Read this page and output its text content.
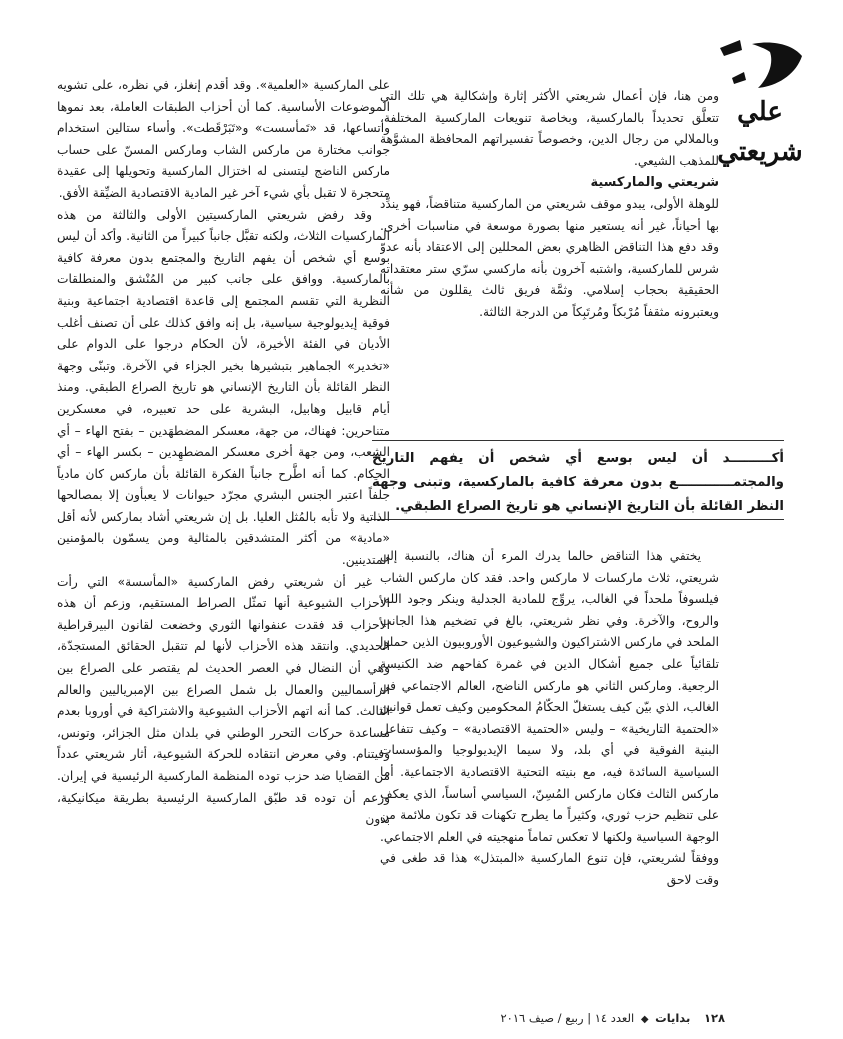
علي شريعتي

ومن هنا، فإن أعمال شريعتي الأكثر إثارة وإشكالية هي تلك التي تتعلَّق تحديداً بالماركسية، وبخاصة تنويعات الماركسية المختلفة، وبالملالي من رجال الدين، وخصوصاً تفسيراتهم المحافظة المشوَّهة للمذهب الشيعي.

شريعتي والماركسية

للوهلة الأولى، يبدو موقف شريعتي من الماركسية متناقضاً، فهو يندِّد بها أحياناً، غير أنه يستعير منها بصورة موسعة في مناسبات أخرى. وقد دفع هذا التناقض الظاهري بعض المحللين إلى الاعتقاد بأنه عدوّ شرس للماركسية، واشتبه آخرون بأنه ماركسي سرّي ستر معتقداته الحقيقية بحجاب إسلامي. وثمَّة فريق ثالث يقللون من شأنه ويعتبرونه مثقفاً مُرْبكاً ومُرتَبِكاً من الدرجة الثالثة.

أكـــــــــد أن ليس بوسع أي شخص أن يفهم التاريخ والمجتمــــــــــــع بدون معرفة كافية بالماركسية، وتبنى وجهة النظر القائلة بأن التاريخ الإنساني هو تاريخ الصراع الطبقي.

يختفي هذا التناقض حالما يدرك المرء أن هناك، بالنسبة إلى شريعتي، ثلاث ماركسات لا ماركس واحد. فقد كان ماركس الشاب فيلسوفاً ملحداً في الغالب، يروِّج للمادية الجدلية وينكر وجود الله، والروح، والآخرة. وفي نظر شريعتي، بالغ في تضخيم هذا الجانب الملحد في ماركس الاشتراكيون والشيوعيون الأوروبيون الذين حملوا تلقائياً على جميع أشكال الدين في غمرة كفاحهم ضد الكنيسة الرجعية. وماركس الثاني هو ماركس الناضج، العالم الاجتماعي في الغالب، الذي بيّن كيف يستغلّ الحكّامُ المحكومين وكيف تعمل قوانين «الحتمية التاريخية» – وليس «الحتمية الاقتصادية» – وكيف تتفاعل البنية الفوقية في أي بلد، ولا سيما الإيديولوجيا والمؤسسات السياسية السائدة فيه، مع بنيته التحتية الاقتصادية الاجتماعية. أما ماركس الثالث فكان ماركس المُسِنّ، السياسي أساساً، الذي يعكف على تنظيم حزب ثوري، وكثيراً ما يطرح تكهنات قد تكون ملائمة من الوجهة السياسية ولكنها لا تعكس تماماً منهجيته في العلم الاجتماعي. ووفقاً لشريعتي، فإن تنوع الماركسية «المبتذل» هذا قد طغى في وقت لاحق

على الماركسية «العلمية». وقد أقدم إنغلز، في نظره، على تشويه الموضوعات الأساسية. كما أن أحزاب الطبقات العاملة، بعد نموها واتساعها، قد «تَمأسست» و«تَبَرْقَطت». وأساء ستالين استخدام جوانب مختارة من ماركس الشاب وماركس المسنّ على حساب ماركس الناضج ليتسنى له اختزال الماركسية وتحويلها إلى عقيدة متحجرة لا تقبل بأي شيء آخر غير المادية الاقتصادية الضيِّقة الأفق.

وقد رفض شريعتي الماركسيتين الأولى والثالثة من هذه الماركسيات الثلاث، ولكنه تقبَّل جانباً كبيراً من الثانية. وأكد أن ليس بوسع أي شخص أن يفهم التاريخ والمجتمع بدون معرفة كافية بالماركسية. ووافق على جانب كبير من المُنْشق والمنطلقات النظرية التي تقسم المجتمع إلى قاعدة اقتصادية اجتماعية وبنية فوقية إيديولوجية سياسية، بل إنه وافق كذلك على أن تصنف أغلب الأديان في الفئة الأخيرة، لأن الحكام درجوا على الدوام على «تخدير» الجماهير بتبشيرها بخير الجزاء في الآخرة. وتبنّى وجهة النظر القائلة بأن التاريخ الإنساني هو تاريخ الصراع الطبقي. ومنذ أيام قابيل وهابيل، البشرية على حد تعبيره، في معسكرين متناحرين: فهناك، من جهة، معسكر المضطهَدين – بفتح الهاء – أي الشعب، ومن جهة أخرى معسكر المضطهِدين – بكسر الهاء – أي الحكام. كما أنه اطَّرح جانباً الفكرة القائلة بأن ماركس كان مادياً جلفاً اعتبر الجنس البشري مجرّد حيوانات لا يعبأون إلا بمصالحها الذاتية ولا تأبه بالمُثل العليا. بل إن شريعتي أشاد بماركس لأنه أقل «مادية» من أكثر المتشدقين بالمثالية ومن يسمّون بالمؤمنين المتدينين.

غير أن شريعتي رفض الماركسية «المأسسة» التي رأت الأحزاب الشيوعية أنها تمثّل الصراط المستقيم، وزعم أن هذه الأحزاب قد فقدت عنفوانها الثوري وخضعت لقانون البيرقراطية الحديدي. وانتقد هذه الأحزاب لأنها لم تتقبل الحقائق المستجدّة، وهي أن النضال في العصر الحديث لم يقتصر على الصراع بين الرأسماليين والعمال بل شمل الصراع بين الإمبرياليين والعالم الثالث. كما أنه اتهم الأحزاب الشيوعية والاشتراكية في أوروبا بعدم مساعدة حركات التحرر الوطني في بلدان مثل الجزائر، وتونس، وفيتنام. وفي معرض انتقاده للحركة الشيوعية، أثار شريعتي عدداً من القضايا ضد حزب توده المنظمة الماركسية الرئيسية في إيران. وزعم أن توده قد طبّق الماركسية الرئيسية بطريقة ميكانيكية، بدون

١٢٨ بدايات ◆ العدد ١٤ | ربيع / صيف ٢٠١٦
